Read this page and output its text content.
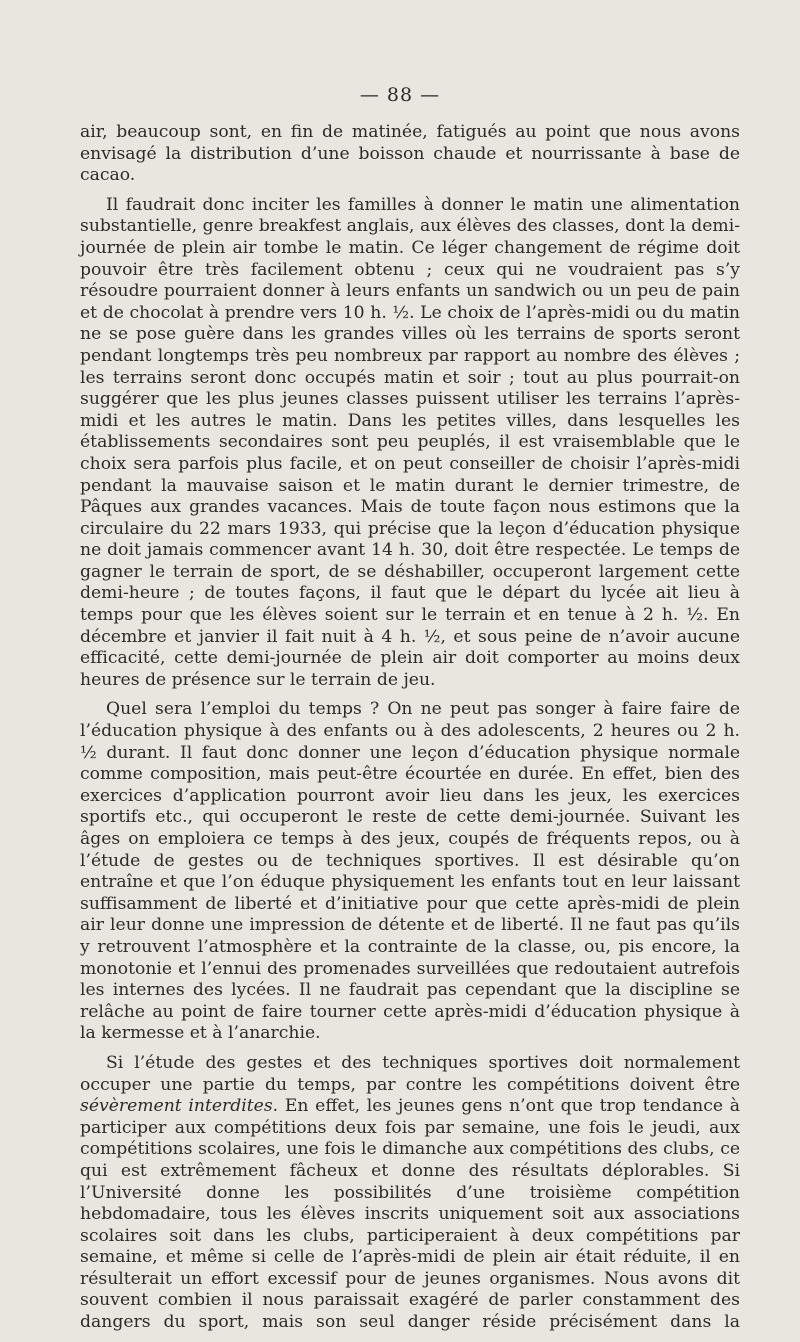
— 88 —

air, beaucoup sont, en fin de matinée, fatigués au point que nous avons envisagé la distribution d’une boisson chaude et nourrissante à base de cacao.

Il faudrait donc inciter les familles à donner le matin une alimentation substantielle, genre breakfest anglais, aux élèves des classes, dont la demi-journée de plein air tombe le matin. Ce léger changement de régime doit pouvoir être très facilement obtenu ; ceux qui ne voudraient pas s’y résoudre pourraient donner à leurs enfants un sandwich ou un peu de pain et de chocolat à prendre vers 10 h. ½. Le choix de l’après-midi ou du matin ne se pose guère dans les grandes villes où les terrains de sports seront pendant longtemps très peu nombreux par rapport au nombre des élèves ; les terrains seront donc occupés matin et soir ; tout au plus pourrait-on suggérer que les plus jeunes classes puissent utiliser les terrains l’après-midi et les autres le matin. Dans les petites villes, dans lesquelles les établissements secondaires sont peu peuplés, il est vraisemblable que le choix sera parfois plus facile, et on peut conseiller de choisir l’après-midi pendant la mauvaise saison et le matin durant le dernier trimestre, de Pâques aux grandes vacances. Mais de toute façon nous estimons que la circulaire du 22 mars 1933, qui précise que la leçon d’éducation physique ne doit jamais commencer avant 14 h. 30, doit être respectée. Le temps de gagner le terrain de sport, de se déshabiller, occuperont largement cette demi-heure ; de toutes façons, il faut que le départ du lycée ait lieu à temps pour que les élèves soient sur le terrain et en tenue à 2 h. ½. En décembre et janvier il fait nuit à 4 h. ½, et sous peine de n’avoir aucune efficacité, cette demi-journée de plein air doit comporter au moins deux heures de présence sur le terrain de jeu.

Quel sera l’emploi du temps ? On ne peut pas songer à faire faire de l’éducation physique à des enfants ou à des adolescents, 2 heures ou 2 h. ½ durant. Il faut donc donner une leçon d’éducation physique normale comme composition, mais peut-être écourtée en durée. En effet, bien des exercices d’application pourront avoir lieu dans les jeux, les exercices sportifs etc., qui occuperont le reste de cette demi-journée. Suivant les âges on emploiera ce temps à des jeux, coupés de fréquents repos, ou à l’étude de gestes ou de techniques sportives. Il est désirable qu’on entraîne et que l’on éduque physiquement les enfants tout en leur laissant suffisamment de liberté et d’initiative pour que cette après-midi de plein air leur donne une impression de détente et de liberté. Il ne faut pas qu’ils y retrouvent l’atmosphère et la contrainte de la classe, ou, pis encore, la monotonie et l’ennui des promenades surveillées que redoutaient autrefois les internes des lycées. Il ne faudrait pas cependant que la discipline se relâche au point de faire tourner cette après-midi d’éducation physique à la kermesse et à l’anarchie.

Si l’étude des gestes et des techniques sportives doit normalement occuper une partie du temps, par contre les compétitions doivent être sévèrement interdites. En effet, les jeunes gens n’ont que trop tendance à participer aux compétitions deux fois par semaine, une fois le jeudi, aux compétitions scolaires, une fois le dimanche aux compétitions des clubs, ce qui est extrêmement fâcheux et donne des résultats déplorables. Si l’Université donne les possibilités d’une troisième compétition hebdomadaire, tous les élèves inscrits uniquement soit aux associations scolaires soit dans les clubs, participeraient à deux compétitions par semaine, et même si celle de l’après-midi de plein air était réduite, il en résulterait un effort excessif pour de jeunes organismes. Nous avons dit souvent combien il nous paraissait exagéré de parler constamment des dangers du sport, mais son seul danger réside précisément dans la
